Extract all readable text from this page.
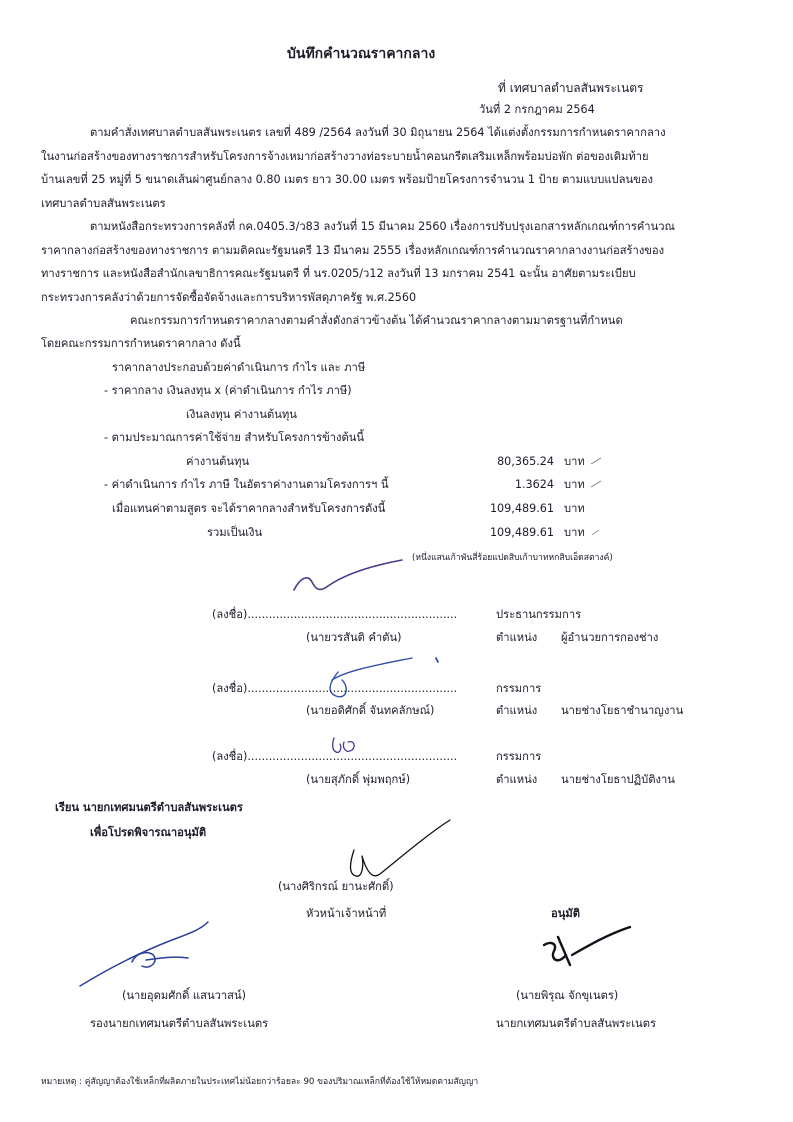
บันทึกคำนวณราคากลาง
ที่ เทศบาลตำบลสันพระเนตร
วันที่ 2 กรกฎาคม 2564
ตามคำสั่งเทศบาลตำบลสันพระเนตร เลขที่ 489 /2564 ลงวันที่ 30 มิถุนายน 2564 ได้แต่งตั้งกรรมการกำหนดราคากลาง
ในงานก่อสร้างของทางราชการสำหรับโครงการจ้างเหมาก่อสร้างวางท่อระบายน้ำคอนกรีตเสริมเหล็กพร้อมบ่อพัก ต่อของเดิมท้าย
บ้านเลขที่ 25 หมู่ที่ 5 ขนาดเส้นผ่าศูนย์กลาง 0.80 เมตร ยาว 30.00 เมตร พร้อมป้ายโครงการจำนวน 1 ป้าย ตามแบบแปลนของ
เทศบาลตำบลสันพระเนตร
ตามหนังสือกระทรวงการคลังที่ กค.0405.3/ว83 ลงวันที่ 15 มีนาคม 2560 เรื่องการปรับปรุงเอกสารหลักเกณฑ์การคำนวณ
ราคากลางก่อสร้างของทางราชการ ตามมติคณะรัฐมนตรี 13 มีนาคม 2555 เรื่องหลักเกณฑ์การคำนวณราคากลางงานก่อสร้างของ
ทางราชการ และหนังสือสำนักเลขาธิการคณะรัฐมนตรี ที่ นร.0205/ว12 ลงวันที่ 13 มกราคม 2541 ฉะนั้น อาศัยตามระเบียบ
กระทรวงการคลังว่าด้วยการจัดซื้อจัดจ้างและการบริหารพัสดุภาครัฐ พ.ศ.2560
คณะกรรมการกำหนดราคากลางตามคำสั่งดังกล่าวข้างต้น ได้คำนวณราคากลางตามมาตรฐานที่กำหนด
โดยคณะกรรมการกำหนดราคากลาง ดังนี้
ราคากลางประกอบด้วยค่าดำเนินการ กำไร และ ภาษี
- ราคากลาง เงินลงทุน x (ค่าดำเนินการ กำไร ภาษี)
เงินลงทุน ค่างานต้นทุน
- ตามประมาณการค่าใช้จ่าย สำหรับโครงการข้างต้นนี้
ค่างานต้นทุน	80,365.24 บาท
- ค่าดำเนินการ กำไร ภาษี ในอัตราค่างานตามโครงการฯ นี้	1.3624 บาท
เมื่อแทนค่าตามสูตร จะได้ราคากลางสำหรับโครงการดังนี้	109,489.61 บาท
รวมเป็นเงิน	109,489.61 บาท
(หนึ่งแสนเก้าพันสี่ร้อยแปดสิบเก้าบาทหกสิบเอ็ดสตางค์)
(ลงชื่อ)...........................................................
(นายวรสันติ คำตัน)
ประธานกรรมการ
ตำแหน่ง ผู้อำนวยการกองช่าง
(ลงชื่อ)...........................................................
(นายอดิศักดิ์ จันทคลักษณ์)
กรรมการ
ตำแหน่ง นายช่างโยธาชำนาญงาน
(ลงชื่อ)...........................................................
(นายสุภักดิ์ พุ่มพฤกษ์)
กรรมการ
ตำแหน่ง นายช่างโยธาปฏิบัติงาน
เรียน นายกเทศมนตรีตำบลสันพระเนตร
เพื่อโปรดพิจารณาอนุมัติ
(นางศิริกรณ์ ยานะศักดิ์)
หัวหน้าเจ้าหน้าที่	อนุมัติ
(นายอุดมศักดิ์ แสนวาสน์)
รองนายกเทศมนตรีตำบลสันพระเนตร
(นายพิรุณ จักขุเนตร)
นายกเทศมนตรีตำบลสันพระเนตร
หมายเหตุ : คู่สัญญาต้องใช้เหล็กที่ผลิตภายในประเทศไม่น้อยกว่าร้อยละ 90 ของปริมาณเหล็กที่ต้องใช้ให้หมดตามสัญญา
